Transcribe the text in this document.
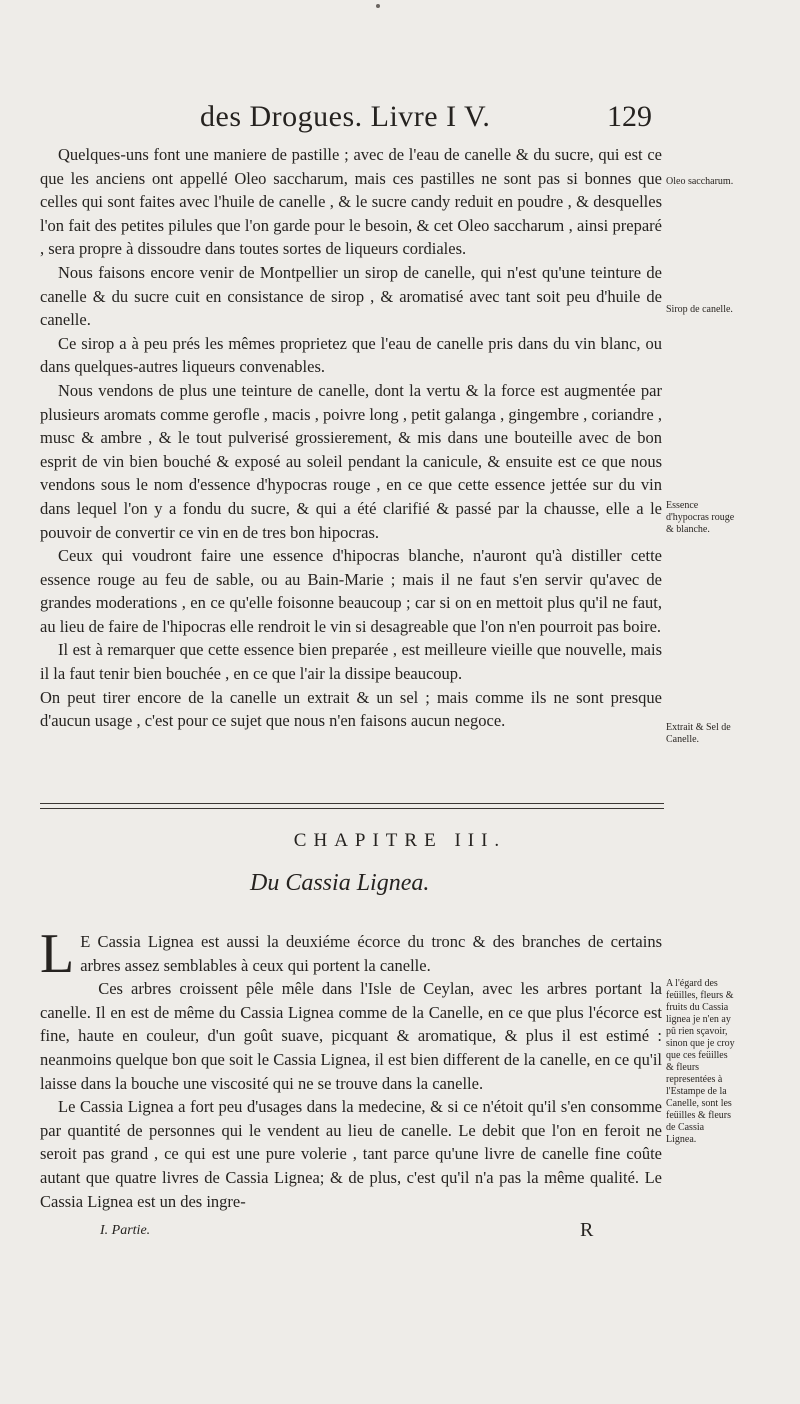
des Drogues. Livre I V.	129

Quelques-uns font une maniere de pastille ; avec de l'eau de canelle & du sucre, qui est ce que les anciens ont appellé Oleo saccharum, mais ces pastilles ne sont pas si bonnes que celles qui sont faites avec l'huile de canelle , & le sucre candy reduit en poudre , & desquelles l'on fait des petites pilules que l'on garde pour le besoin, & cet Oleo saccharum , ainsi preparé , sera propre à dissoudre dans toutes sortes de liqueurs cordiales.

Nous faisons encore venir de Montpellier un sirop de canelle, qui n'est qu'une teinture de canelle & du sucre cuit en consistance de sirop , & aromatisé avec tant soit peu d'huile de canelle.

Ce sirop a à peu prés les mêmes proprietez que l'eau de canelle pris dans du vin blanc, ou dans quelques-autres liqueurs convenables.

Nous vendons de plus une teinture de canelle, dont la vertu & la force est augmentée par plusieurs aromats comme gerofle , macis , poivre long , petit galanga , gingembre , coriandre , musc & ambre , & le tout pulverisé grossierement, & mis dans une bouteille avec de bon esprit de vin bien bouché & exposé au soleil pendant la canicule, & ensuite est ce que nous vendons sous le nom d'essence d'hypocras rouge , en ce que cette essence jettée sur du vin dans lequel l'on y a fondu du sucre, & qui a été clarifié & passé par la chausse, elle a le pouvoir de convertir ce vin en de tres bon hipocras.

Ceux qui voudront faire une essence d'hipocras blanche, n'auront qu'à distiller cette essence rouge au feu de sable, ou au Bain-Marie ; mais il ne faut s'en servir qu'avec de grandes moderations , en ce qu'elle foisonne beaucoup ; car si on en mettoit plus qu'il ne faut, au lieu de faire de l'hipocras elle rendroit le vin si desagreable que l'on n'en pourroit pas boire.

Il est à remarquer que cette essence bien preparée , est meilleure vieille que nouvelle, mais il la faut tenir bien bouchée , en ce que l'air la dissipe beaucoup.

On peut tirer encore de la canelle un extrait & un sel ; mais comme ils ne sont presque d'aucun usage , c'est pour ce sujet que nous n'en faisons aucun negoce.

Oleo saccharum.
Sirop de canelle.
Essence d'hypocras rouge & blanche.
Extrait & Sel de Canelle.
CHAPITRE III.
Du Cassia Lignea.

L E Cassia Lignea est aussi la deuxiéme écorce du tronc & des branches de certains arbres assez semblables à ceux qui portent la canelle.

Ces arbres croissent pêle mêle dans l'Isle de Ceylan, avec les arbres portant la canelle. Il en est de même du Cassia Lignea comme de la Canelle, en ce que plus l'écorce est fine, haute en couleur, d'un goût suave, picquant & aromatique, & plus il est estimé : neanmoins quelque bon que soit le Cassia Lignea, il est bien different de la canelle, en ce qu'il laisse dans la bouche une viscosité qui ne se trouve dans la canelle.

Le Cassia Lignea a fort peu d'usages dans la medecine, & si ce n'étoit qu'il s'en consomme par quantité de personnes qui le vendent au lieu de canelle. Le debit que l'on en feroit ne seroit pas grand , ce qui est une pure volerie , tant parce qu'une livre de canelle fine coûte autant que quatre livres de Cassia Lignea; & de plus, c'est qu'il n'a pas la même qualité. Le Cassia Lignea est un des ingre-

A l'égard des feüilles, fleurs & fruits du Cassia lignea je n'en ay pû rien sçavoir, sinon que je croy que ces feüilles & fleurs representées à l'Estampe de la Canelle, sont les feüilles & fleurs de Cassia Lignea.
I. Partie.	R
